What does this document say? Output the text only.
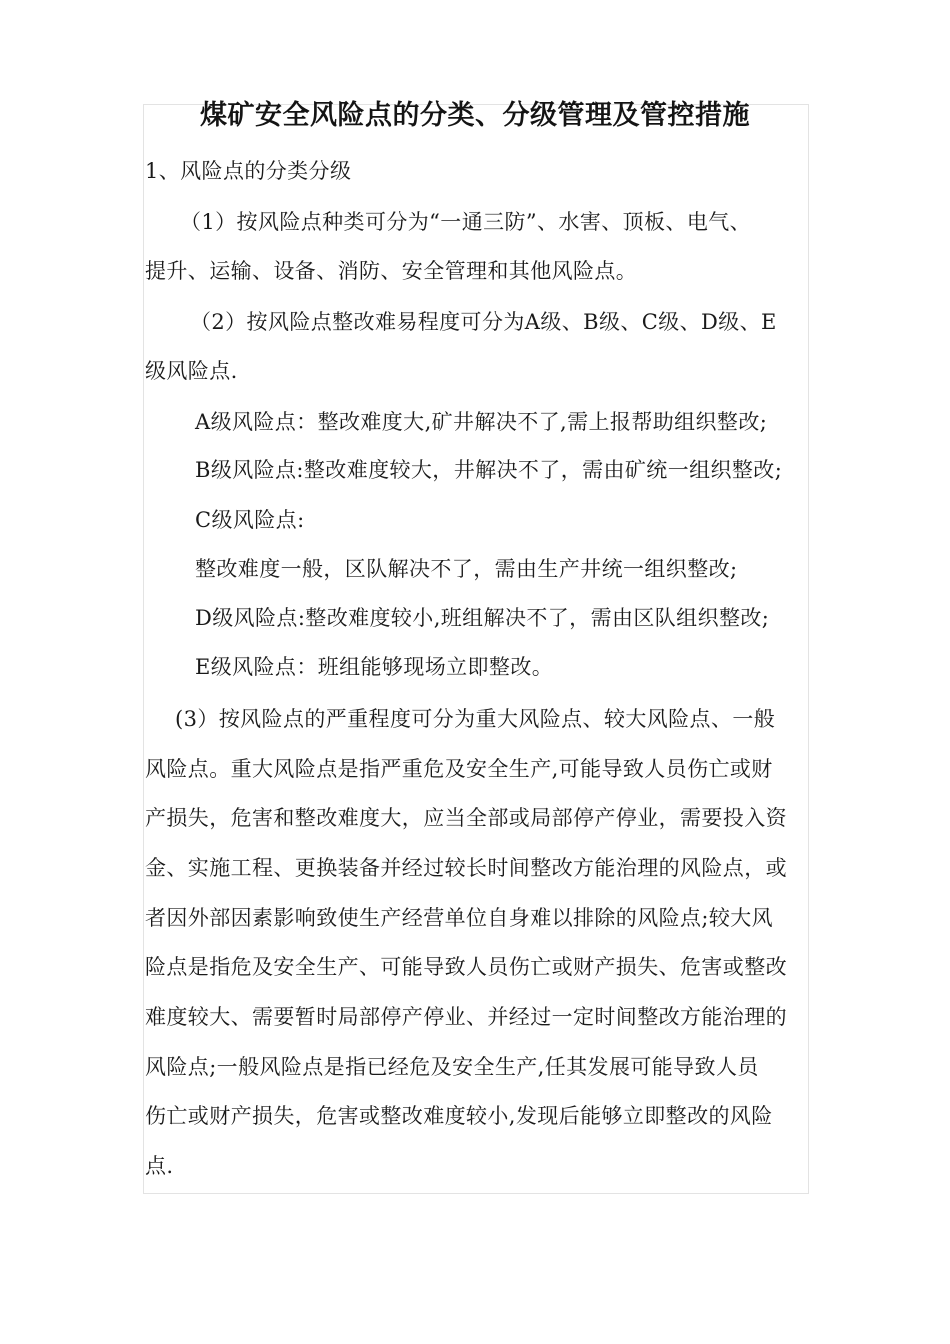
煤矿安全风险点的分类、分级管理及管控措施
1、风险点的分类分级
（1）按风险点种类可分为“一通三防”、水害、顶板、电气、
提升、运输、设备、消防、安全管理和其他风险点。
（2）按风险点整改难易程度可分为A级、B级、C级、D级、E
级风险点.
A级风险点：整改难度大,矿井解决不了,需上报帮助组织整改;
B级风险点:整改难度较大，井解决不了，需由矿统一组织整改;
C级风险点:
整改难度一般，区队解决不了，需由生产井统一组织整改;
D级风险点:整改难度较小,班组解决不了，需由区队组织整改;
E级风险点：班组能够现场立即整改。
(3）按风险点的严重程度可分为重大风险点、较大风险点、一般
风险点。重大风险点是指严重危及安全生产,可能导致人员伤亡或财
产损失，危害和整改难度大，应当全部或局部停产停业，需要投入资
金、实施工程、更换装备并经过较长时间整改方能治理的风险点，或
者因外部因素影响致使生产经营单位自身难以排除的风险点;较大风
险点是指危及安全生产、可能导致人员伤亡或财产损失、危害或整改
难度较大、需要暂时局部停产停业、并经过一定时间整改方能治理的
风险点;一般风险点是指已经危及安全生产,任其发展可能导致人员
伤亡或财产损失，危害或整改难度较小,发现后能够立即整改的风险
点.
